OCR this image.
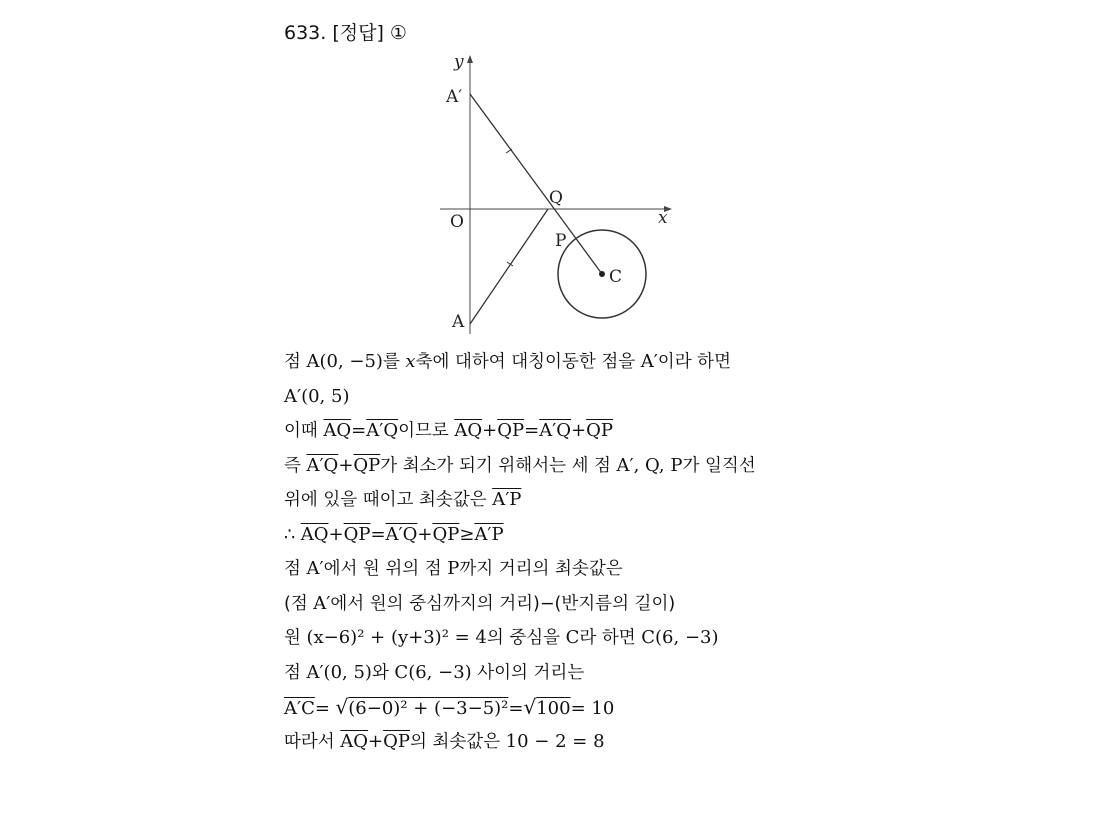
633. [정답] ①
y
x
O
A′
A
Q
P
C
점 A(0, −5)를 x축에 대하여 대칭이동한 점을 A′이라 하면
A′(0, 5)
이때 $\overline{AQ}=A'Q$이므로 $\overline{AQ}+\overline{QP}=A'Q+\overline{QP}$
즉 $A'Q+\overline{QP}$가 최소가 되기 위해서는 세 점 A′, Q, P가 일직선
위에 있을 때이고 최솟값은 A′P
∴ $\overline{AQ}+\overline{QP}=A'Q+\overline{QP}\ge A'P$
점 A′에서 원 위의 점 P까지 거리의 최솟값은
(점 A′에서 원의 중심까지의 거리)−(반지름의 길이)
원 (x−6)² + (y+3)² = 4의 중심을 C라 하면 C(6, −3)
점 A′(0, 5)와 C(6, −3) 사이의 거리는
A′C= √(6−0)² + (−3−5)²=√100= 10
따라서 $\overline{AQ}+\overline{QP}$의 최솟값은 10 − 2 = 8
